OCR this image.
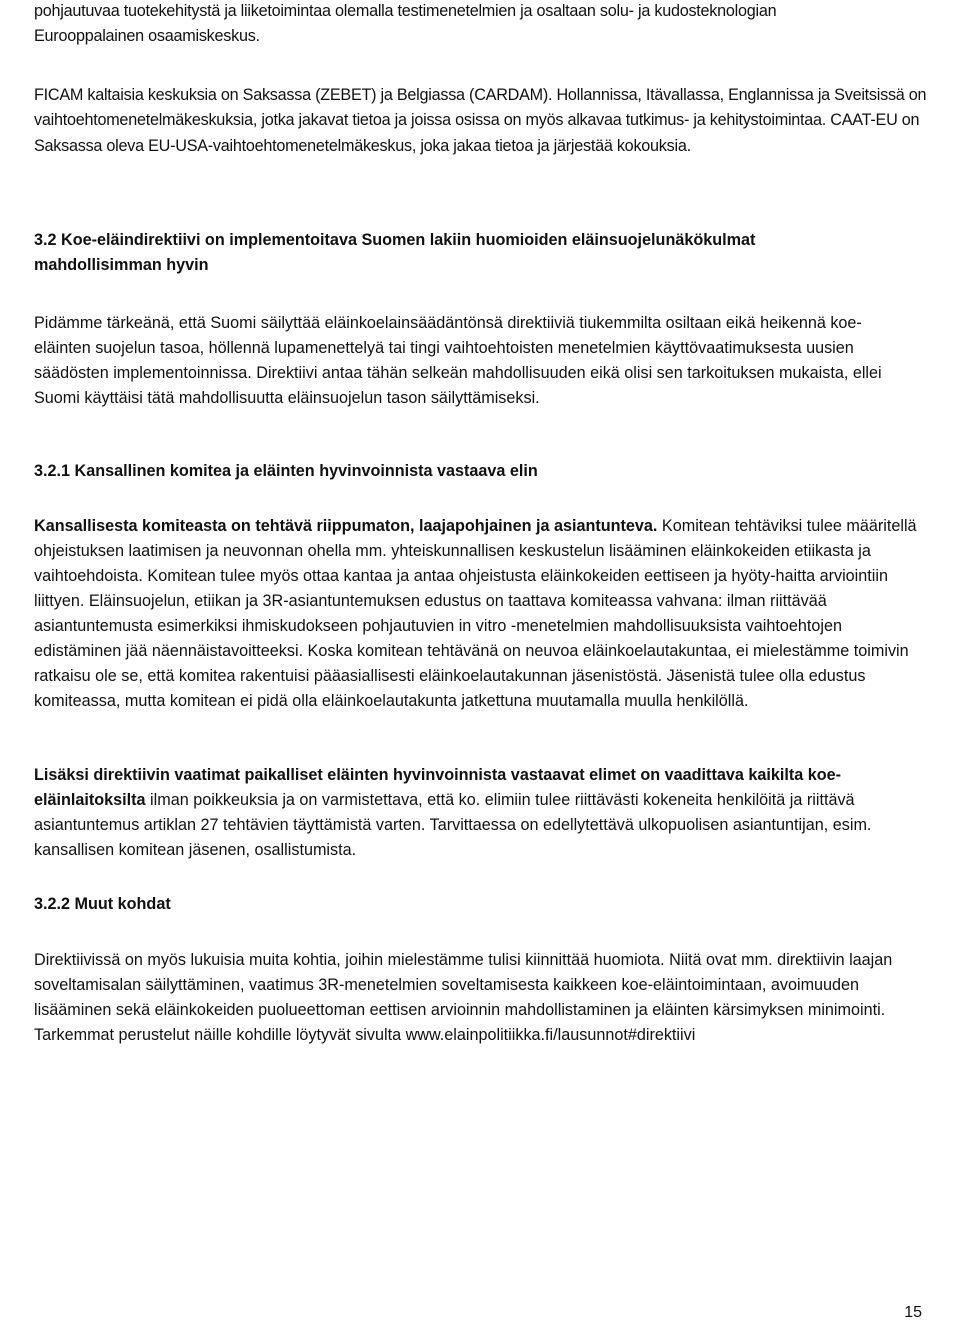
pohjautuvaa tuotekehitystä ja liiketoimintaa olemalla testimenetelmien ja osaltaan solu- ja kudosteknologian
Eurooppalainen osaamiskeskus.

FICAM kaltaisia keskuksia on Saksassa (ZEBET) ja Belgiassa (CARDAM). Hollannissa, Itävallassa, Englannissa ja Sveitsissä on vaihtoehtomenetelmäkeskuksia, jotka jakavat tietoa ja joissa osissa on myös alkavaa tutkimus- ja kehitystoimintaa. CAAT-EU on Saksassa oleva EU-USA-vaihtoehtomenetelmäkeskus, joka jakaa tietoa ja järjestää kokouksia.

3.2 Koe-eläindirektiivi on implementoitava Suomen lakiin huomioiden eläinsuojelunäkökulmat mahdollisimman hyvin

Pidämme tärkeänä, että Suomi säilyttää eläinkoelainsäädäntönsä direktiiviä tiukemmilta osiltaan eikä heikennä koe-eläinten suojelun tasoa, höllennä lupamenettelyä tai tingi vaihtoehtoisten menetelmien käyttövaatimuksesta uusien säädösten implementoinnissa. Direktiivi antaa tähän selkeän mahdollisuuden eikä olisi sen tarkoituksen mukaista, ellei Suomi käyttäisi tätä mahdollisuutta eläinsuojelun tason säilyttämiseksi.

3.2.1 Kansallinen komitea ja eläinten hyvinvoinnista vastaava elin

Kansallisesta komiteasta on tehtävä riippumaton, laajapohjainen ja asiantunteva. Komitean tehtäviksi tulee määritellä ohjeistuksen laatimisen ja neuvonnan ohella mm. yhteiskunnallisen keskustelun lisääminen eläinkokeiden etiikasta ja vaihtoehdoista. Komitean tulee myös ottaa kantaa ja antaa ohjeistusta eläinkokeiden eettiseen ja hyöty-haitta arviointiin liittyen. Eläinsuojelun, etiikan ja 3R-asiantuntemuksen edustus on taattava komiteassa vahvana: ilman riittävää asiantuntemusta esimerkiksi ihmiskudokseen pohjautuvien in vitro -menetelmien mahdollisuuksista vaihtoehtojen edistäminen jää näennäistavoitteeksi. Koska komitean tehtävänä on neuvoa eläinkoelautakuntaa, ei mielestämme toimivin ratkaisu ole se, että komitea rakentuisi pääasiallisesti eläinkoelautakunnan jäsenistöstä. Jäsenistä tulee olla edustus komiteassa, mutta komitean ei pidä olla eläinkoelautakunta jatkettuna muutamalla muulla henkilöllä.

Lisäksi direktiivin vaatimat paikalliset eläinten hyvinvoinnista vastaavat elimet on vaadittava kaikilta koe-eläinlaitoksilta ilman poikkeuksia ja on varmistettava, että ko. elimiin tulee riittävästi kokeneita henkilöitä ja riittävä asiantuntemus artiklan 27 tehtävien täyttämistä varten. Tarvittaessa on edellytettävä ulkopuolisen asiantuntijan, esim. kansallisen komitean jäsenen, osallistumista.

3.2.2 Muut kohdat

Direktiivissä on myös lukuisia muita kohtia, joihin mielestämme tulisi kiinnittää huomiota. Niitä ovat mm. direktiivin laajan soveltamisalan säilyttäminen, vaatimus 3R-menetelmien soveltamisesta kaikkeen koe-eläintoimintaan, avoimuuden lisääminen sekä eläinkokeiden puolueettoman eettisen arvioinnin mahdollistaminen ja eläinten kärsimyksen minimointi. Tarkemmat perustelut näille kohdille löytyvät sivulta www.elainpolitiikka.fi/lausunnot#direktiivi

15
